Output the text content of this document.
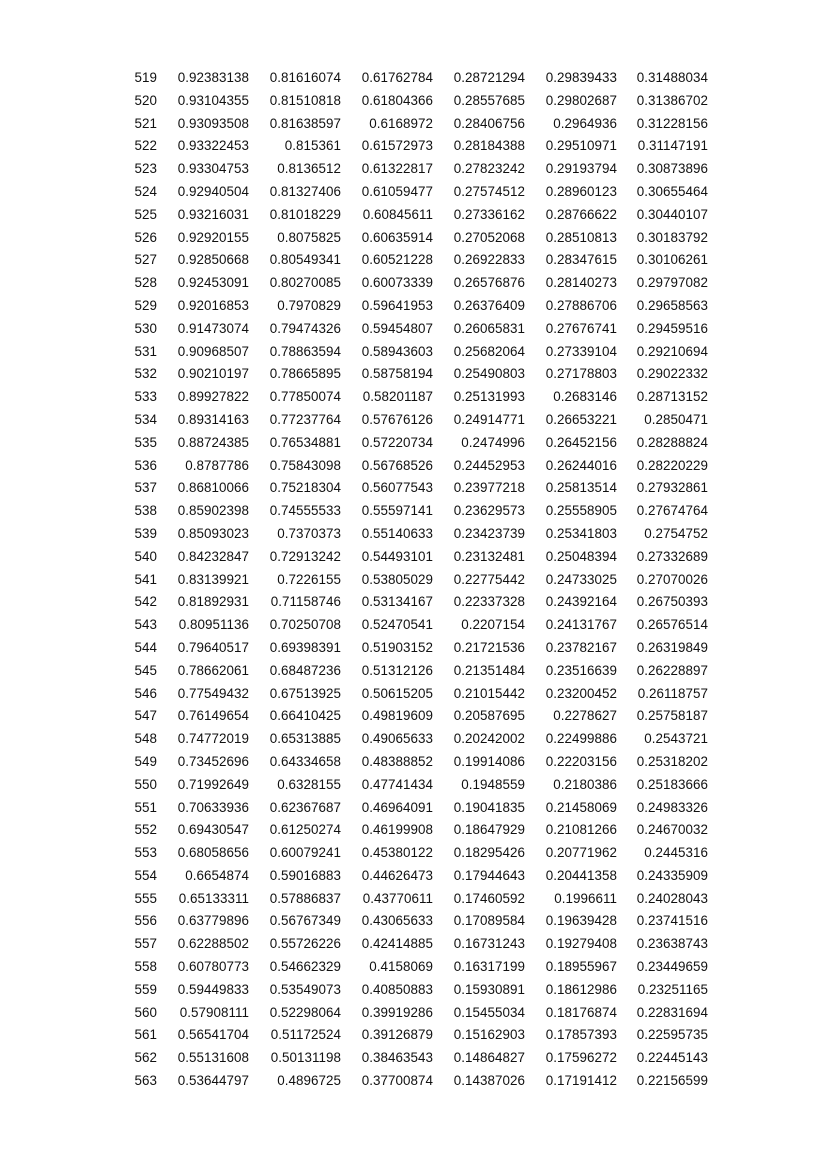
519	0.92383138	0.81616074	0.61762784	0.28721294	0.29839433	0.31488034
520	0.93104355	0.81510818	0.61804366	0.28557685	0.29802687	0.31386702
521	0.93093508	0.81638597	0.6168972	0.28406756	0.2964936	0.31228156
522	0.93322453	0.815361	0.61572973	0.28184388	0.29510971	0.31147191
523	0.93304753	0.8136512	0.61322817	0.27823242	0.29193794	0.30873896
524	0.92940504	0.81327406	0.61059477	0.27574512	0.28960123	0.30655464
525	0.93216031	0.81018229	0.60845611	0.27336162	0.28766622	0.30440107
526	0.92920155	0.8075825	0.60635914	0.27052068	0.28510813	0.30183792
527	0.92850668	0.80549341	0.60521228	0.26922833	0.28347615	0.30106261
528	0.92453091	0.80270085	0.60073339	0.26576876	0.28140273	0.29797082
529	0.92016853	0.7970829	0.59641953	0.26376409	0.27886706	0.29658563
530	0.91473074	0.79474326	0.59454807	0.26065831	0.27676741	0.29459516
531	0.90968507	0.78863594	0.58943603	0.25682064	0.27339104	0.29210694
532	0.90210197	0.78665895	0.58758194	0.25490803	0.27178803	0.29022332
533	0.89927822	0.77850074	0.58201187	0.25131993	0.2683146	0.28713152
534	0.89314163	0.77237764	0.57676126	0.24914771	0.26653221	0.2850471
535	0.88724385	0.76534881	0.57220734	0.2474996	0.26452156	0.28288824
536	0.8787786	0.75843098	0.56768526	0.24452953	0.26244016	0.28220229
537	0.86810066	0.75218304	0.56077543	0.23977218	0.25813514	0.27932861
538	0.85902398	0.74555533	0.55597141	0.23629573	0.25558905	0.27674764
539	0.85093023	0.7370373	0.55140633	0.23423739	0.25341803	0.2754752
540	0.84232847	0.72913242	0.54493101	0.23132481	0.25048394	0.27332689
541	0.83139921	0.7226155	0.53805029	0.22775442	0.24733025	0.27070026
542	0.81892931	0.71158746	0.53134167	0.22337328	0.24392164	0.26750393
543	0.80951136	0.70250708	0.52470541	0.2207154	0.24131767	0.26576514
544	0.79640517	0.69398391	0.51903152	0.21721536	0.23782167	0.26319849
545	0.78662061	0.68487236	0.51312126	0.21351484	0.23516639	0.26228897
546	0.77549432	0.67513925	0.50615205	0.21015442	0.23200452	0.26118757
547	0.76149654	0.66410425	0.49819609	0.20587695	0.2278627	0.25758187
548	0.74772019	0.65313885	0.49065633	0.20242002	0.22499886	0.2543721
549	0.73452696	0.64334658	0.48388852	0.19914086	0.22203156	0.25318202
550	0.71992649	0.6328155	0.47741434	0.1948559	0.2180386	0.25183666
551	0.70633936	0.62367687	0.46964091	0.19041835	0.21458069	0.24983326
552	0.69430547	0.61250274	0.46199908	0.18647929	0.21081266	0.24670032
553	0.68058656	0.60079241	0.45380122	0.18295426	0.20771962	0.2445316
554	0.6654874	0.59016883	0.44626473	0.17944643	0.20441358	0.24335909
555	0.65133311	0.57886837	0.43770611	0.17460592	0.1996611	0.24028043
556	0.63779896	0.56767349	0.43065633	0.17089584	0.19639428	0.23741516
557	0.62288502	0.55726226	0.42414885	0.16731243	0.19279408	0.23638743
558	0.60780773	0.54662329	0.4158069	0.16317199	0.18955967	0.23449659
559	0.59449833	0.53549073	0.40850883	0.15930891	0.18612986	0.23251165
560	0.57908111	0.52298064	0.39919286	0.15455034	0.18176874	0.22831694
561	0.56541704	0.51172524	0.39126879	0.15162903	0.17857393	0.22595735
562	0.55131608	0.50131198	0.38463543	0.14864827	0.17596272	0.22445143
563	0.53644797	0.4896725	0.37700874	0.14387026	0.17191412	0.22156599
